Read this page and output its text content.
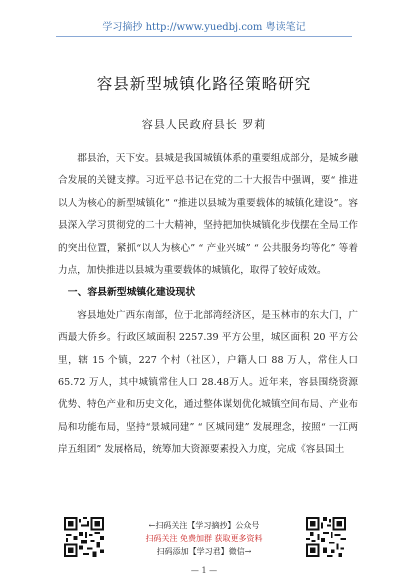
学习摘抄 http://www.yuedbj.com 粤读笔记
容县新型城镇化路径策略研究
容县人民政府县长 罗莉

郡县治，天下安。县城是我国城镇体系的重要组成部分，是城乡融合发展的关键支撑。习近平总书记在党的二十大报告中强调，要“ 推进以人为核心的新型城镇化” “推进以县城为重要载体的城镇化建设”。容县深入学习贯彻党的二十大精神，坚持把加快城镇化步伐摆在全局工作的突出位置，紧抓“以人为核心” “ 产业兴城” “ 公共服务均等化” 等着力点，加快推进以县城为重要载体的城镇化，取得了较好成效。

一、容县新型城镇化建设现状

容县地处广西东南部，位于北部湾经济区，是玉林市的东大门，广西最大侨乡。行政区域面积 2257.39 平方公里，城区面积 20 平方公里，辖 15 个镇，227 个村（社区），户籍人口 88 万人，常住人口 65.72 万人，其中城镇常住人口 28.48万人。近年来，容县围绕资源优势、特色产业和历史文化，通过整体谋划优化城镇空间布局、产业布局和功能布局，坚持“景城同建” “ 区城同建” 发展理念，按照“ 一江两岸五组团” 发展格局，统筹加大资源要素投入力度，完成《容县国土

←扫码关注【学习摘抄】公众号
扫码关注 免费加群 获取更多资料
扫码添加【学习君】微信→
— 1 —
